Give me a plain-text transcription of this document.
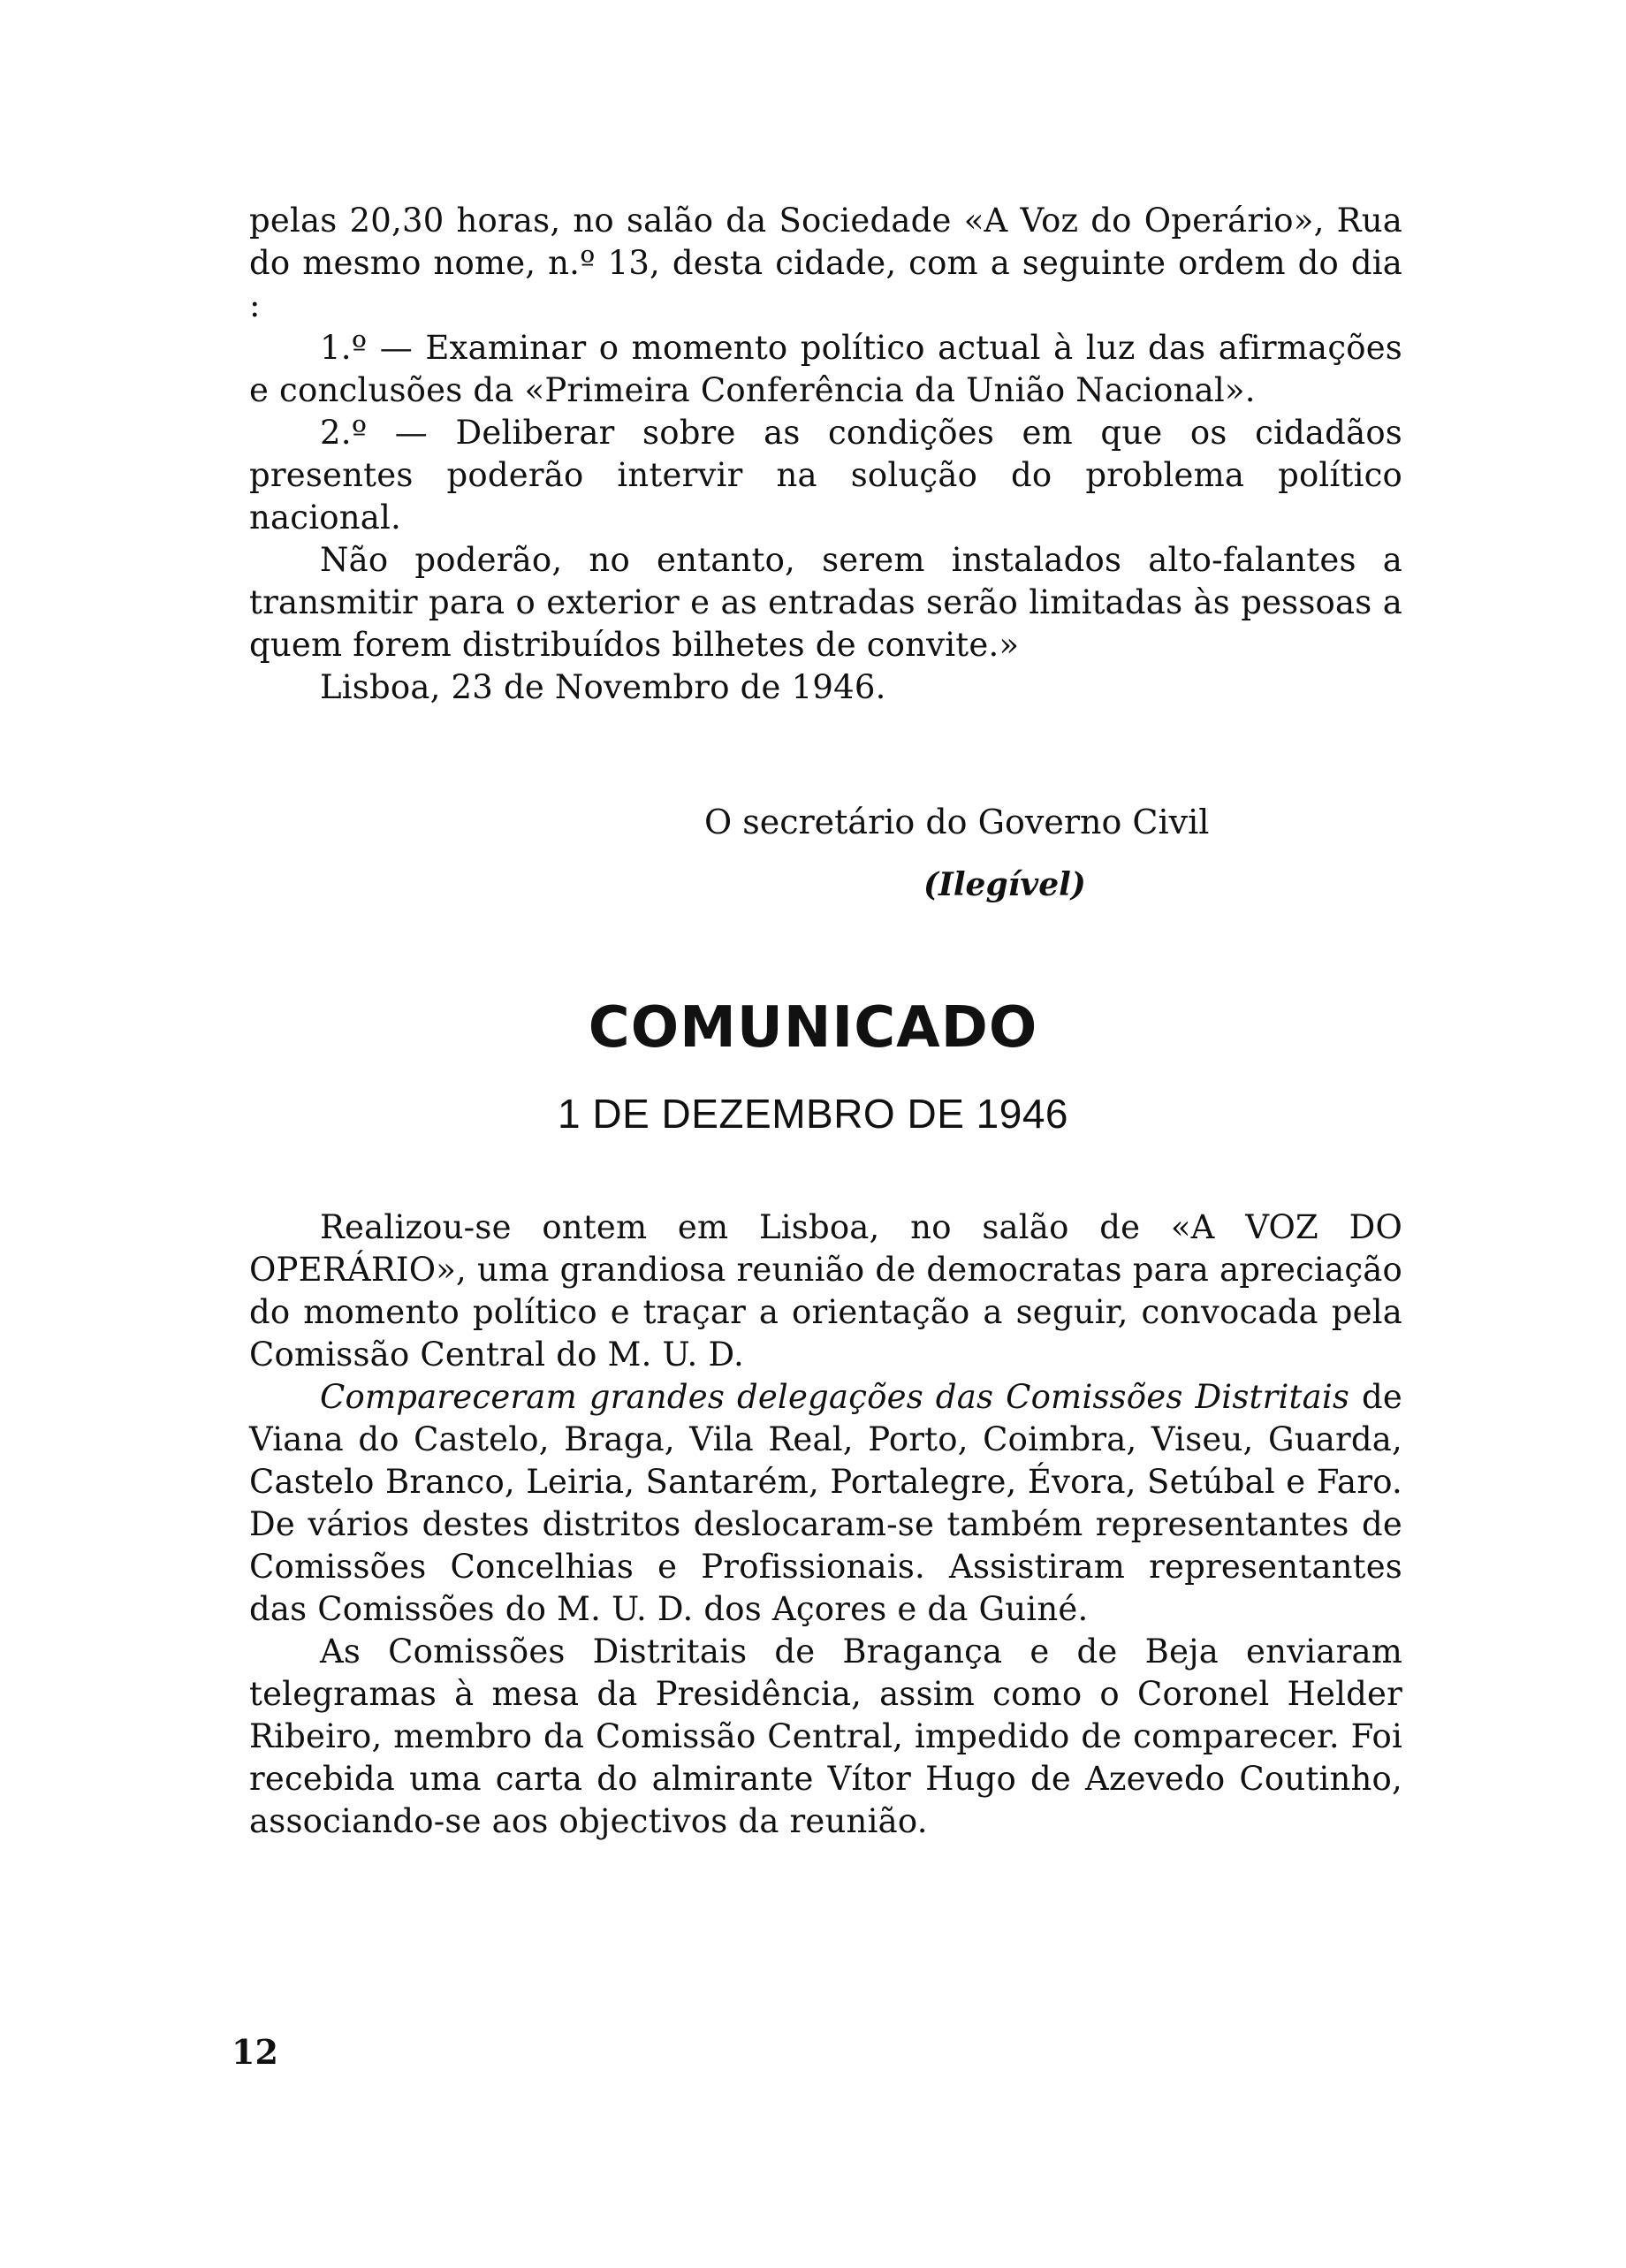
pelas 20,30 horas, no salão da Sociedade «A Voz do Operário», Rua do mesmo nome, n.º 13, desta cidade, com a seguinte ordem do dia :

1.º — Examinar o momento político actual à luz das afirmações e conclusões da «Primeira Conferência da União Nacional».

2.º — Deliberar sobre as condições em que os cidadãos presentes poderão intervir na solução do problema político nacional.

Não poderão, no entanto, serem instalados alto-falantes a transmitir para o exterior e as entradas serão limitadas às pessoas a quem forem distribuídos bilhetes de convite.»

Lisboa, 23 de Novembro de 1946.

O secretário do Governo Civil
(Ilegível)
COMUNICADO
1 DE DEZEMBRO DE 1946

Realizou-se ontem em Lisboa, no salão de «A VOZ DO OPERÁRIO», uma grandiosa reunião de democratas para apreciação do momento político e traçar a orientação a seguir, convocada pela Comissão Central do M. U. D.

Compareceram grandes delegações das Comissões Distritais de Viana do Castelo, Braga, Vila Real, Porto, Coimbra, Viseu, Guarda, Castelo Branco, Leiria, Santarém, Portalegre, Évora, Setúbal e Faro. De vários destes distritos deslocaram-se também representantes de Comissões Concelhias e Profissionais. Assistiram representantes das Comissões do M. U. D. dos Açores e da Guiné.

As Comissões Distritais de Bragança e de Beja enviaram telegramas à mesa da Presidência, assim como o Coronel Helder Ribeiro, membro da Comissão Central, impedido de comparecer. Foi recebida uma carta do almirante Vítor Hugo de Azevedo Coutinho, associando-se aos objectivos da reunião.

12
